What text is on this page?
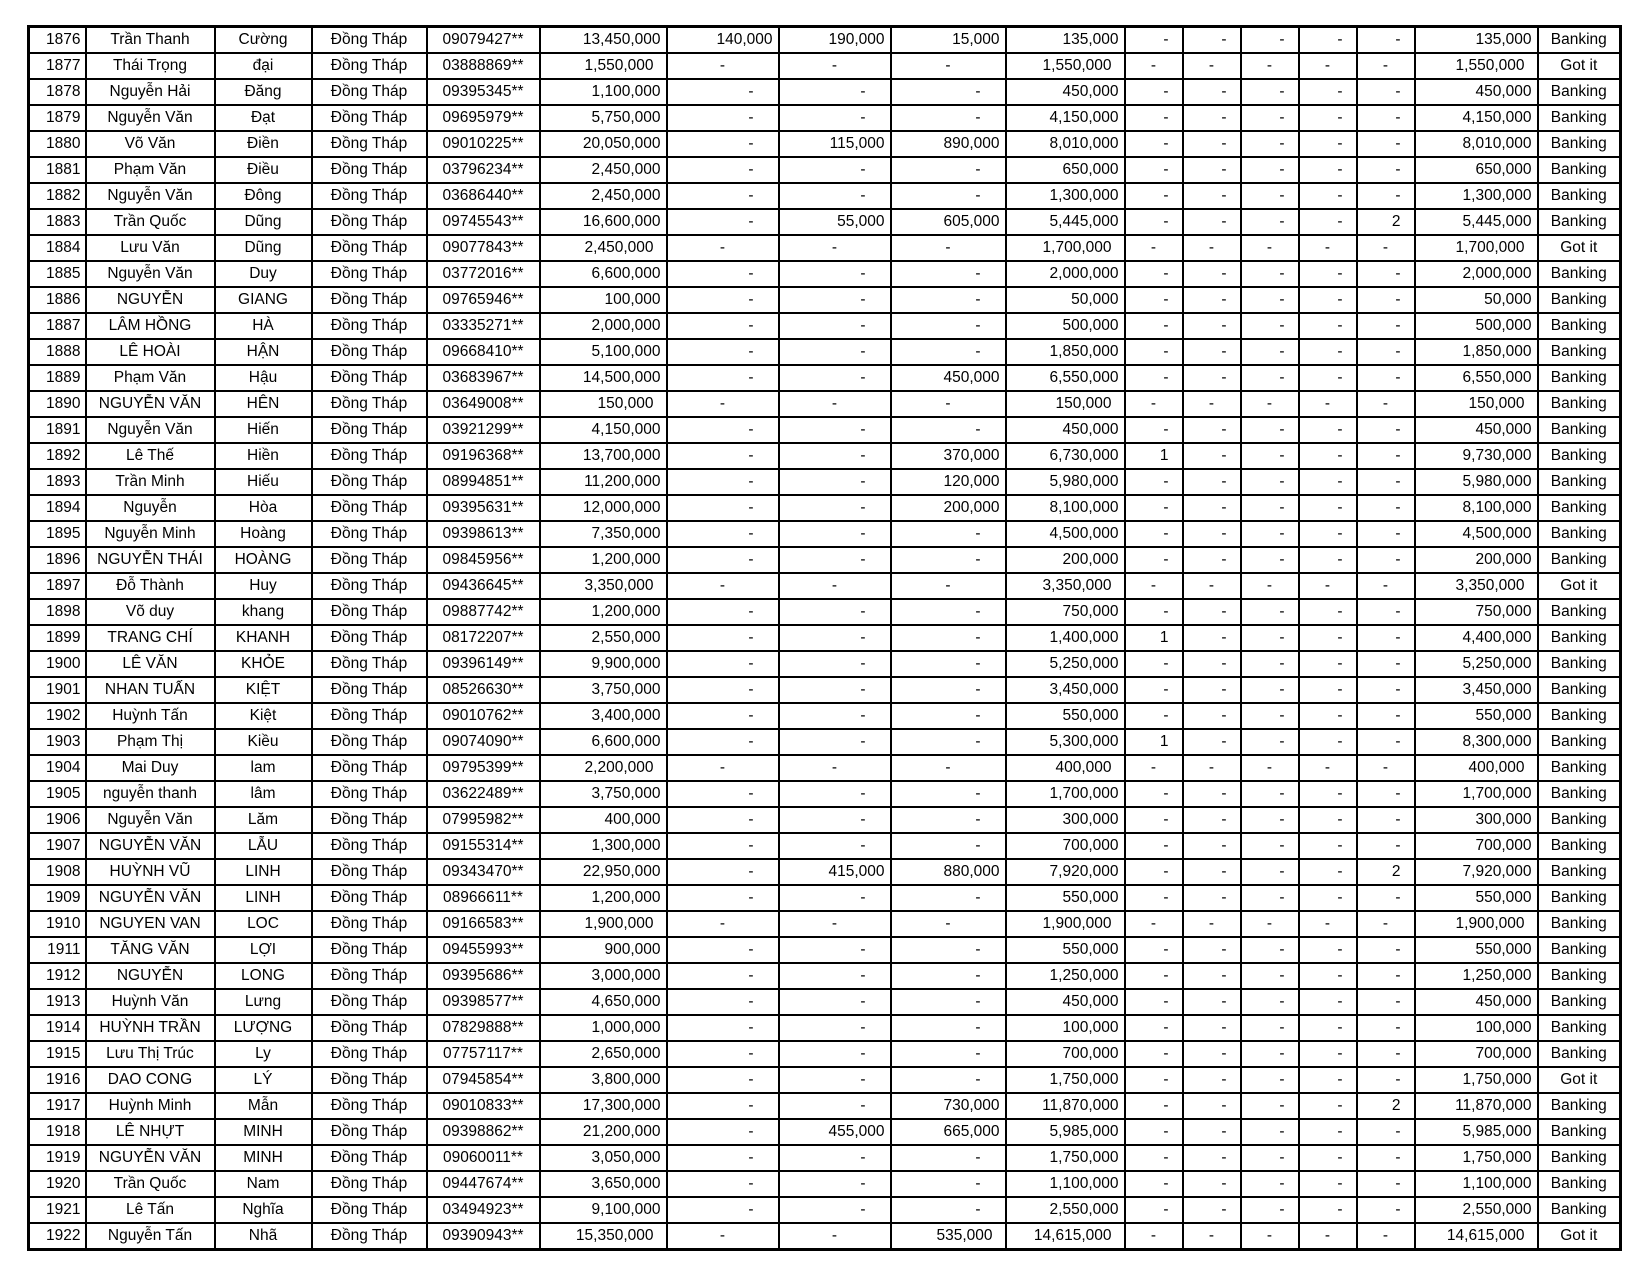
1876	Trần Thanh	Cường	Đồng Tháp	09079427**	13,450,000	140,000	190,000	15,000	135,000	-	-	-	-	-	135,000	Banking
1877	Thái Trọng	đại	Đồng Tháp	03888869**	1,550,000	-	-	-	1,550,000	-	-	-	-	-	1,550,000	Got it
1878	Nguyễn Hải	Đăng	Đồng Tháp	09395345**	1,100,000	-	-	-	450,000	-	-	-	-	-	450,000	Banking
1879	Nguyễn Văn	Đạt	Đồng Tháp	09695979**	5,750,000	-	-	-	4,150,000	-	-	-	-	-	4,150,000	Banking
1880	Võ Văn	Điền	Đồng Tháp	09010225**	20,050,000	-	115,000	890,000	8,010,000	-	-	-	-	-	8,010,000	Banking
1881	Phạm Văn	Điều	Đồng Tháp	03796234**	2,450,000	-	-	-	650,000	-	-	-	-	-	650,000	Banking
1882	Nguyễn Văn	Đông	Đồng Tháp	03686440**	2,450,000	-	-	-	1,300,000	-	-	-	-	-	1,300,000	Banking
1883	Trần Quốc	Dũng	Đồng Tháp	09745543**	16,600,000	-	55,000	605,000	5,445,000	-	-	-	-	2	5,445,000	Banking
1884	Lưu Văn	Dũng	Đồng Tháp	09077843**	2,450,000	-	-	-	1,700,000	-	-	-	-	-	1,700,000	Got it
1885	Nguyễn Văn	Duy	Đồng Tháp	03772016**	6,600,000	-	-	-	2,000,000	-	-	-	-	-	2,000,000	Banking
1886	NGUYỄN	GIANG	Đồng Tháp	09765946**	100,000	-	-	-	50,000	-	-	-	-	-	50,000	Banking
1887	LÂM HỒNG	HÀ	Đồng Tháp	03335271**	2,000,000	-	-	-	500,000	-	-	-	-	-	500,000	Banking
1888	LÊ HOÀI	HẬN	Đồng Tháp	09668410**	5,100,000	-	-	-	1,850,000	-	-	-	-	-	1,850,000	Banking
1889	Phạm Văn	Hậu	Đồng Tháp	03683967**	14,500,000	-	-	450,000	6,550,000	-	-	-	-	-	6,550,000	Banking
1890	NGUYỄN VĂN	HÊN	Đồng Tháp	03649008**	150,000	-	-	-	150,000	-	-	-	-	-	150,000	Banking
1891	Nguyễn Văn	Hiến	Đồng Tháp	03921299**	4,150,000	-	-	-	450,000	-	-	-	-	-	450,000	Banking
1892	Lê Thế	Hiền	Đồng Tháp	09196368**	13,700,000	-	-	370,000	6,730,000	1	-	-	-	-	9,730,000	Banking
1893	Trần Minh	Hiếu	Đồng Tháp	08994851**	11,200,000	-	-	120,000	5,980,000	-	-	-	-	-	5,980,000	Banking
1894	Nguyễn	Hòa	Đồng Tháp	09395631**	12,000,000	-	-	200,000	8,100,000	-	-	-	-	-	8,100,000	Banking
1895	Nguyễn Minh	Hoàng	Đồng Tháp	09398613**	7,350,000	-	-	-	4,500,000	-	-	-	-	-	4,500,000	Banking
1896	NGUYỄN THÁI	HOÀNG	Đồng Tháp	09845956**	1,200,000	-	-	-	200,000	-	-	-	-	-	200,000	Banking
1897	Đỗ Thành	Huy	Đồng Tháp	09436645**	3,350,000	-	-	-	3,350,000	-	-	-	-	-	3,350,000	Got it
1898	Võ duy	khang	Đồng Tháp	09887742**	1,200,000	-	-	-	750,000	-	-	-	-	-	750,000	Banking
1899	TRANG CHÍ	KHANH	Đồng Tháp	08172207**	2,550,000	-	-	-	1,400,000	1	-	-	-	-	4,400,000	Banking
1900	LÊ VĂN	KHỎE	Đồng Tháp	09396149**	9,900,000	-	-	-	5,250,000	-	-	-	-	-	5,250,000	Banking
1901	NHAN TUẤN	KIỆT	Đồng Tháp	08526630**	3,750,000	-	-	-	3,450,000	-	-	-	-	-	3,450,000	Banking
1902	Huỳnh Tấn	Kiệt	Đồng Tháp	09010762**	3,400,000	-	-	-	550,000	-	-	-	-	-	550,000	Banking
1903	Phạm Thị	Kiều	Đồng Tháp	09074090**	6,600,000	-	-	-	5,300,000	1	-	-	-	-	8,300,000	Banking
1904	Mai Duy	lam	Đồng Tháp	09795399**	2,200,000	-	-	-	400,000	-	-	-	-	-	400,000	Banking
1905	nguyễn thanh	lâm	Đồng Tháp	03622489**	3,750,000	-	-	-	1,700,000	-	-	-	-	-	1,700,000	Banking
1906	Nguyễn Văn	Lăm	Đồng Tháp	07995982**	400,000	-	-	-	300,000	-	-	-	-	-	300,000	Banking
1907	NGUYỄN VĂN	LẪU	Đồng Tháp	09155314**	1,300,000	-	-	-	700,000	-	-	-	-	-	700,000	Banking
1908	HUỲNH VŨ	LINH	Đồng Tháp	09343470**	22,950,000	-	415,000	880,000	7,920,000	-	-	-	-	2	7,920,000	Banking
1909	NGUYỄN VĂN	LINH	Đồng Tháp	08966611**	1,200,000	-	-	-	550,000	-	-	-	-	-	550,000	Banking
1910	NGUYEN VAN	LOC	Đồng Tháp	09166583**	1,900,000	-	-	-	1,900,000	-	-	-	-	-	1,900,000	Banking
1911	TĂNG VĂN	LỢI	Đồng Tháp	09455993**	900,000	-	-	-	550,000	-	-	-	-	-	550,000	Banking
1912	NGUYỄN	LONG	Đồng Tháp	09395686**	3,000,000	-	-	-	1,250,000	-	-	-	-	-	1,250,000	Banking
1913	Huỳnh Văn	Lưng	Đồng Tháp	09398577**	4,650,000	-	-	-	450,000	-	-	-	-	-	450,000	Banking
1914	HUỲNH TRẦN	LƯỢNG	Đồng Tháp	07829888**	1,000,000	-	-	-	100,000	-	-	-	-	-	100,000	Banking
1915	Lưu Thị Trúc	Ly	Đồng Tháp	07757117**	2,650,000	-	-	-	700,000	-	-	-	-	-	700,000	Banking
1916	DAO CONG	LÝ	Đồng Tháp	07945854**	3,800,000	-	-	-	1,750,000	-	-	-	-	-	1,750,000	Got it
1917	Huỳnh Minh	Mẫn	Đồng Tháp	09010833**	17,300,000	-	-	730,000	11,870,000	-	-	-	-	2	11,870,000	Banking
1918	LÊ NHỰT	MINH	Đồng Tháp	09398862**	21,200,000	-	455,000	665,000	5,985,000	-	-	-	-	-	5,985,000	Banking
1919	NGUYỄN VĂN	MINH	Đồng Tháp	09060011**	3,050,000	-	-	-	1,750,000	-	-	-	-	-	1,750,000	Banking
1920	Trần Quốc	Nam	Đồng Tháp	09447674**	3,650,000	-	-	-	1,100,000	-	-	-	-	-	1,100,000	Banking
1921	Lê Tấn	Nghĩa	Đồng Tháp	03494923**	9,100,000	-	-	-	2,550,000	-	-	-	-	-	2,550,000	Banking
1922	Nguyễn Tấn	Nhã	Đồng Tháp	09390943**	15,350,000	-	-	535,000	14,615,000	-	-	-	-	-	14,615,000	Got it
